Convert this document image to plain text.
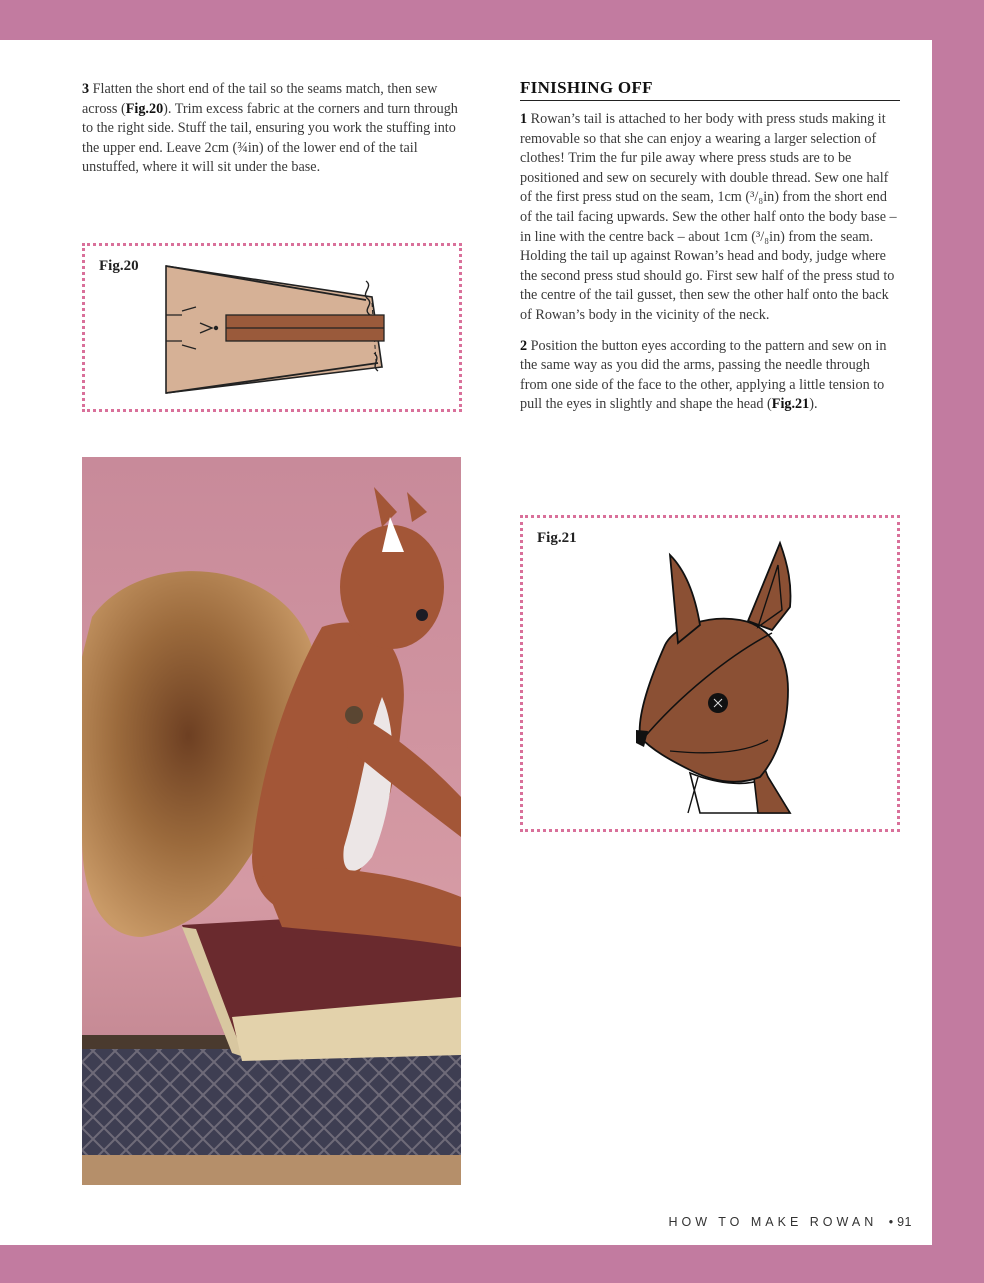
3 Flatten the short end of the tail so the seams match, then sew across (Fig.20). Trim excess fabric at the corners and turn through to the right side. Stuff the tail, ensuring you work the stuffing into the upper end. Leave 2cm (¾in) of the lower end of the tail unstuffed, where it will sit under the base.

Fig.20
FINISHING OFF

1 Rowan’s tail is attached to her body with press studs making it removable so that she can enjoy a wearing a larger selection of clothes! Trim the fur pile away where press studs are to be positioned and sew on securely with double thread. Sew one half of the first press stud on the seam, 1cm (³/₈in) from the short end of the tail facing upwards. Sew the other half onto the body base – in line with the centre back – about 1cm (³/₈in) from the seam. Holding the tail up against Rowan’s head and body, judge where the second press stud should go. First sew half of the press stud to the centre of the tail gusset, then sew the other half onto the back of Rowan’s body in the vicinity of the neck.

2 Position the button eyes according to the pattern and sew on in the same way as you did the arms, passing the needle through from one side of the face to the other, applying a little tension to pull the eyes in slightly and shape the head (Fig.21).

Fig.21
HOW TO MAKE ROWAN • 91
